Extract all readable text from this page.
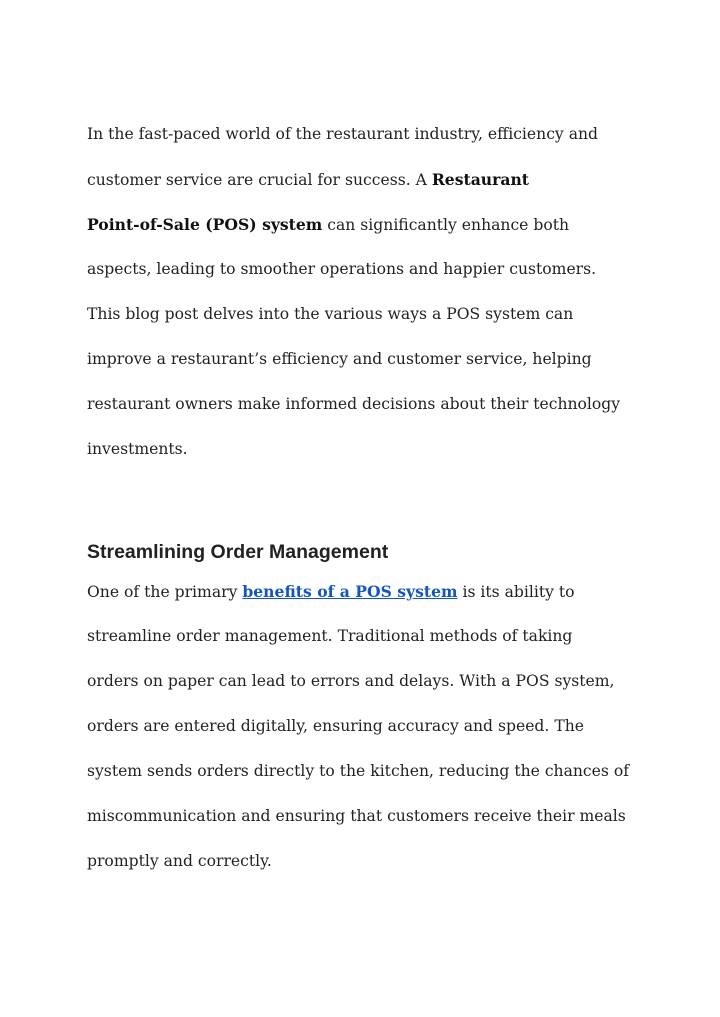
In the fast-paced world of the restaurant industry, efficiency and
customer service are crucial for success. A Restaurant
Point-of-Sale (POS) system can significantly enhance both
aspects, leading to smoother operations and happier customers.
This blog post delves into the various ways a POS system can
improve a restaurant’s efficiency and customer service, helping
restaurant owners make informed decisions about their technology
investments.

Streamlining Order Management

One of the primary benefits of a POS system is its ability to
streamline order management. Traditional methods of taking
orders on paper can lead to errors and delays. With a POS system,
orders are entered digitally, ensuring accuracy and speed. The
system sends orders directly to the kitchen, reducing the chances of
miscommunication and ensuring that customers receive their meals
promptly and correctly.
